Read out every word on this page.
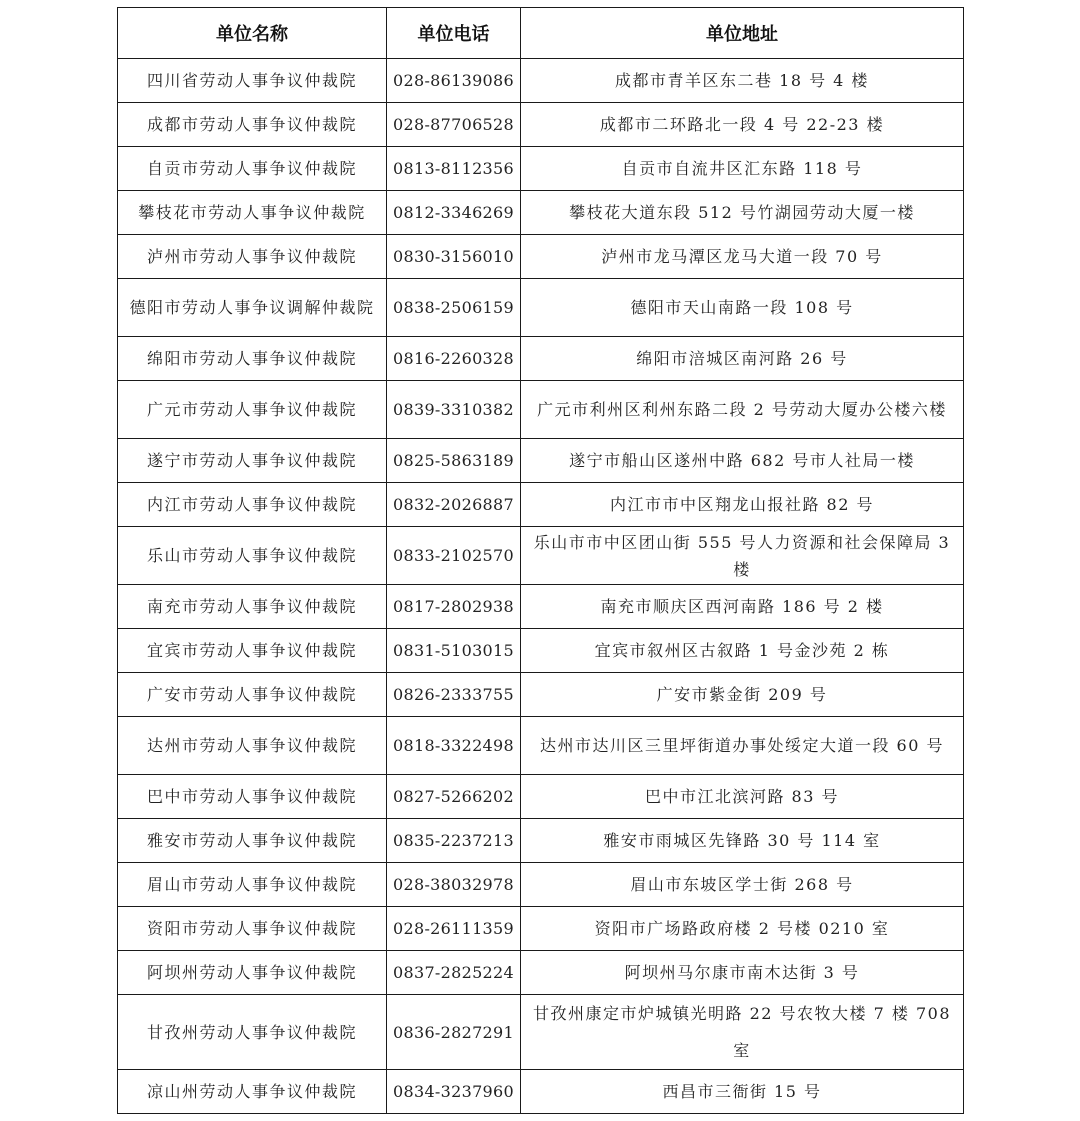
单位名称	单位电话	单位地址
四川省劳动人事争议仲裁院	028-86139086	成都市青羊区东二巷 18 号 4 楼
成都市劳动人事争议仲裁院	028-87706528	成都市二环路北一段 4 号 22-23 楼
自贡市劳动人事争议仲裁院	0813-8112356	自贡市自流井区汇东路 118 号
攀枝花市劳动人事争议仲裁院	0812-3346269	攀枝花大道东段 512 号竹湖园劳动大厦一楼
泸州市劳动人事争议仲裁院	0830-3156010	泸州市龙马潭区龙马大道一段 70 号
德阳市劳动人事争议调解仲裁院	0838-2506159	德阳市天山南路一段 108 号
绵阳市劳动人事争议仲裁院	0816-2260328	绵阳市涪城区南河路 26 号
广元市劳动人事争议仲裁院	0839-3310382	广元市利州区利州东路二段 2 号劳动大厦办公楼六楼
遂宁市劳动人事争议仲裁院	0825-5863189	遂宁市船山区遂州中路 682 号市人社局一楼
内江市劳动人事争议仲裁院	0832-2026887	内江市市中区翔龙山报社路 82 号
乐山市劳动人事争议仲裁院	0833-2102570	乐山市市中区团山街 555 号人力资源和社会保障局 3 楼
南充市劳动人事争议仲裁院	0817-2802938	南充市顺庆区西河南路 186 号 2 楼
宜宾市劳动人事争议仲裁院	0831-5103015	宜宾市叙州区古叙路 1 号金沙苑 2 栋
广安市劳动人事争议仲裁院	0826-2333755	广安市紫金街 209 号
达州市劳动人事争议仲裁院	0818-3322498	达州市达川区三里坪街道办事处绥定大道一段 60 号
巴中市劳动人事争议仲裁院	0827-5266202	巴中市江北滨河路 83 号
雅安市劳动人事争议仲裁院	0835-2237213	雅安市雨城区先锋路 30 号 114 室
眉山市劳动人事争议仲裁院	028-38032978	眉山市东坡区学士街 268 号
资阳市劳动人事争议仲裁院	028-26111359	资阳市广场路政府楼 2 号楼 0210 室
阿坝州劳动人事争议仲裁院	0837-2825224	阿坝州马尔康市南木达街 3 号
甘孜州劳动人事争议仲裁院	0836-2827291	甘孜州康定市炉城镇光明路 22 号农牧大楼 7 楼 708 室
凉山州劳动人事争议仲裁院	0834-3237960	西昌市三衙街 15 号
